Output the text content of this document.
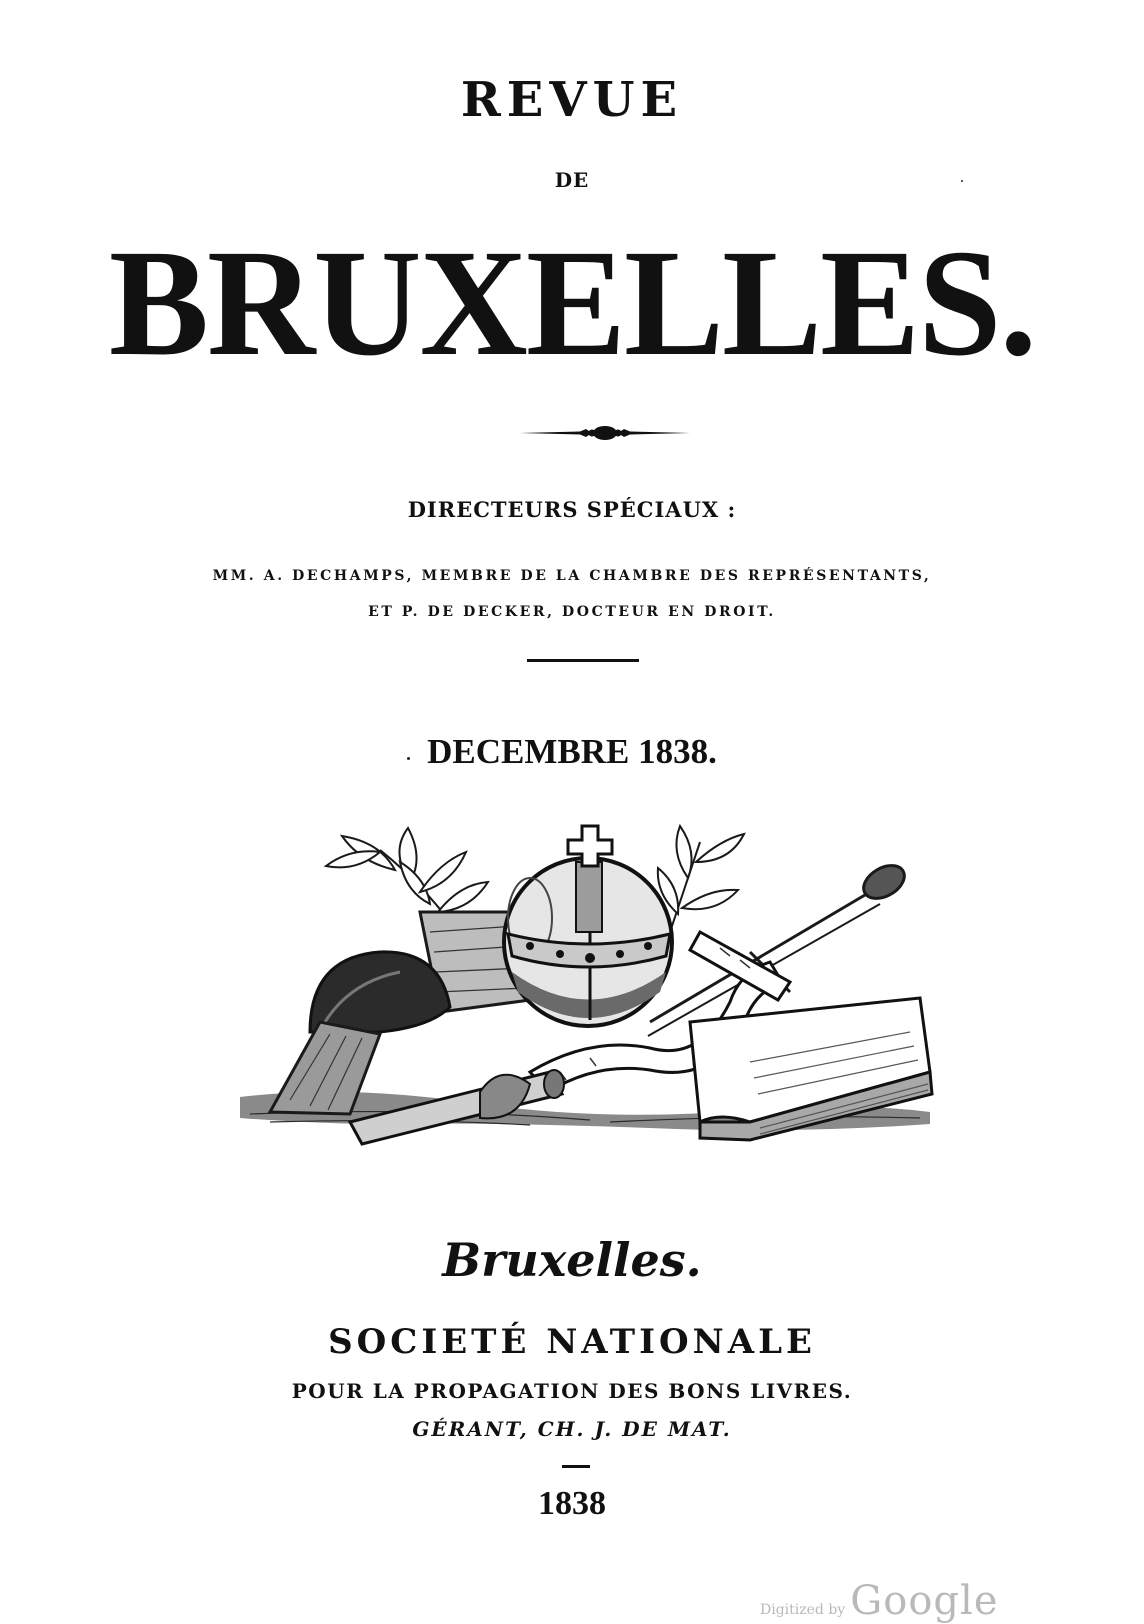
REVUE
DE
BRUXELLES.
DIRECTEURS SPÉCIAUX :
MM. A. DECHAMPS, MEMBRE DE LA CHAMBRE DES REPRÉSENTANTS,
ET P. DE DECKER, DOCTEUR EN DROIT.
DECEMBRE 1838.
Bruxelles.
SOCIETÉ NATIONALE
POUR LA PROPAGATION DES BONS LIVRES.
GÉRANT, CH. J. DE MAT.
1838
Digitized by Google
